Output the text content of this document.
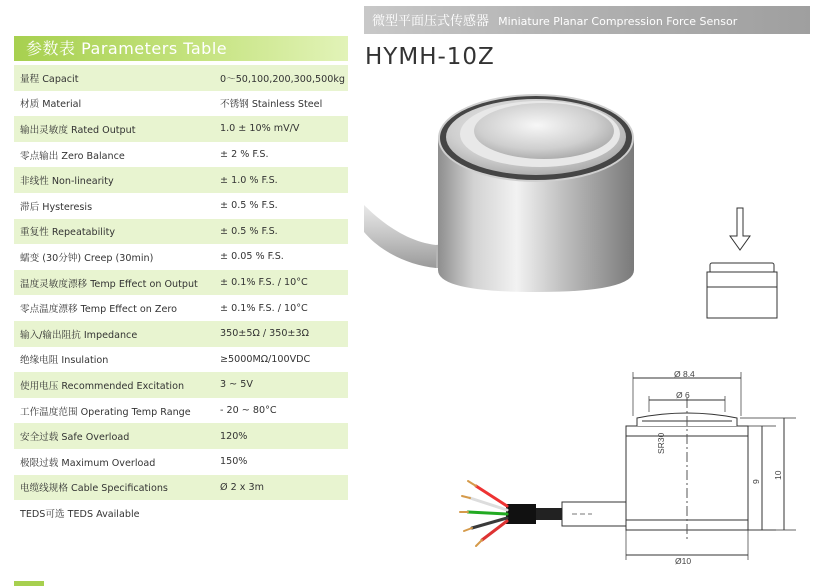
参数表 Parameters Table
量程 Capacit	0～50,100,200,300,500kg
材质 Material	不锈钢 Stainless Steel
输出灵敏度 Rated Output	1.0 ± 10% mV/V
零点输出 Zero Balance	± 2 % F.S.
非线性 Non-linearity	± 1.0 % F.S.
滞后 Hysteresis	± 0.5 % F.S.
重复性 Repeatability	± 0.5 % F.S.
蠕变 (30分钟) Creep (30min)	± 0.05 % F.S.
温度灵敏度漂移 Temp Effect on Output	± 0.1% F.S. / 10°C
零点温度漂移 Temp Effect on Zero	± 0.1% F.S. / 10°C
输入/输出阻抗 Impedance	350±5Ω / 350±3Ω
绝缘电阻 Insulation	≥5000MΩ/100VDC
使用电压 Recommended Excitation	3 ~ 5V
工作温度范围 Operating Temp Range	- 20 ~ 80°C
安全过载 Safe Overload	120%
极限过载 Maximum Overload	150%
电缆线规格 Cable Specifications	Ø 2 x 3m
TEDS可选 TEDS Available
微型平面压式传感器 Miniature Planar Compression Force Sensor
HYMH-10Z
Ø 8.4
Ø 6
SR30
9
10
Ø10
